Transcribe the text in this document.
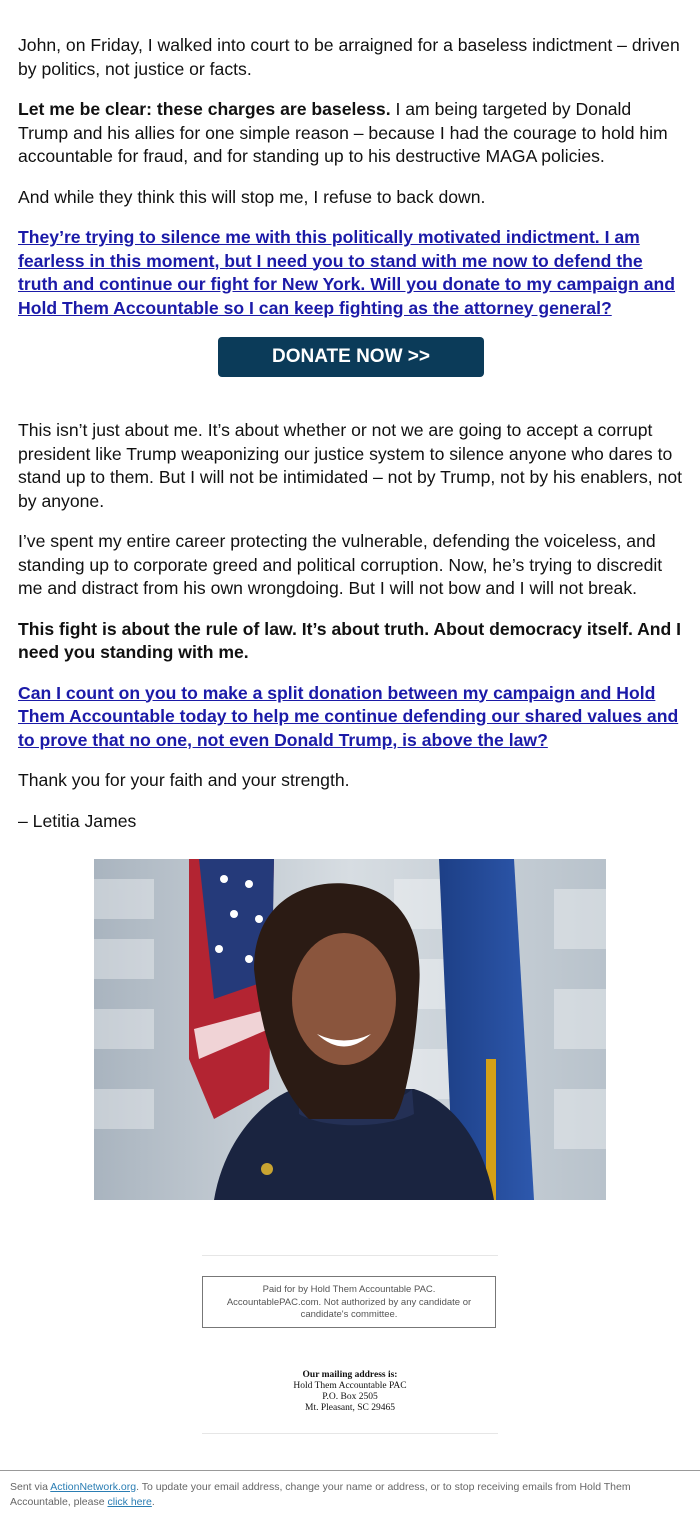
John, on Friday, I walked into court to be arraigned for a baseless indictment – driven by politics, not justice or facts.

Let me be clear: these charges are baseless. I am being targeted by Donald Trump and his allies for one simple reason – because I had the courage to hold him accountable for fraud, and for standing up to his destructive MAGA policies.

And while they think this will stop me, I refuse to back down.

They’re trying to silence me with this politically motivated indictment. I am fearless in this moment, but I need you to stand with me now to defend the truth and continue our fight for New York. Will you donate to my campaign and Hold Them Accountable so I can keep fighting as the attorney general?

DONATE NOW >>

This isn’t just about me. It’s about whether or not we are going to accept a corrupt president like Trump weaponizing our justice system to silence anyone who dares to stand up to them. But I will not be intimidated – not by Trump, not by his enablers, not by anyone.

I’ve spent my entire career protecting the vulnerable, defending the voiceless, and standing up to corporate greed and political corruption. Now, he’s trying to discredit me and distract from his own wrongdoing. But I will not bow and I will not break.

This fight is about the rule of law. It’s about truth. About democracy itself. And I need you standing with me.

Can I count on you to make a split donation between my campaign and Hold Them Accountable today to help me continue defending our shared values and to prove that no one, not even Donald Trump, is above the law?

Thank you for your faith and your strength.

– Letitia James

Paid for by Hold Them Accountable PAC. AccountablePAC.com. Not authorized by any candidate or candidate's committee.
Our mailing address is:
Hold Them Accountable PAC
P.O. Box 2505
Mt. Pleasant, SC 29465
Sent via ActionNetwork.org. To update your email address, change your name or address, or to stop receiving emails from Hold Them Accountable, please click here.
